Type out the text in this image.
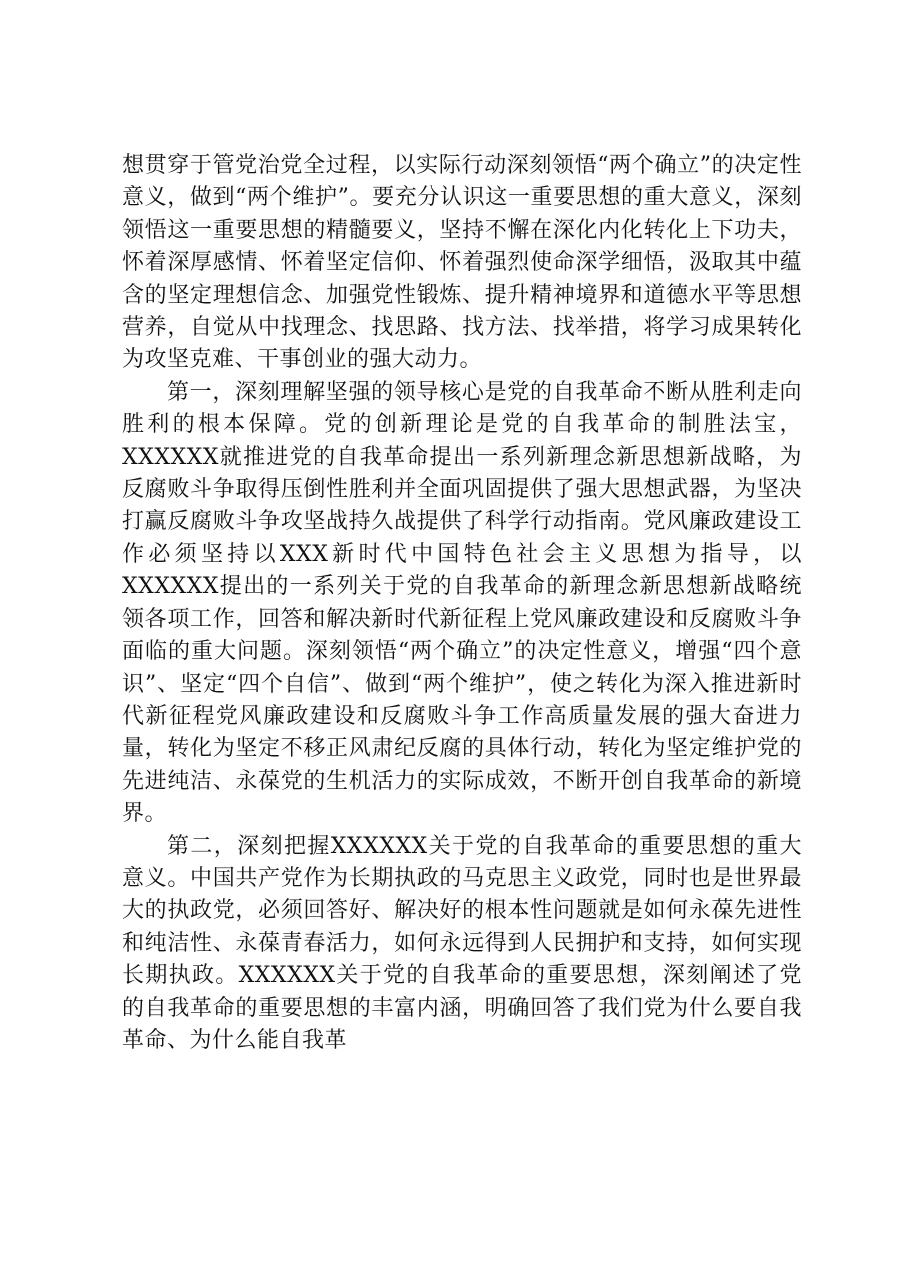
想贯穿于管党治党全过程，以实际行动深刻领悟“两个确立”的决定性意义，做到“两个维护”。要充分认识这一重要思想的重大意义，深刻领悟这一重要思想的精髓要义，坚持不懈在深化内化转化上下功夫，怀着深厚感情、怀着坚定信仰、怀着强烈使命深学细悟，汲取其中蕴含的坚定理想信念、加强党性锻炼、提升精神境界和道德水平等思想营养，自觉从中找理念、找思路、找方法、找举措，将学习成果转化为攻坚克难、干事创业的强大动力。

第一，深刻理解坚强的领导核心是党的自我革命不断从胜利走向胜利的根本保障。党的创新理论是党的自我革命的制胜法宝，XXXXXX就推进党的自我革命提出一系列新理念新思想新战略，为反腐败斗争取得压倒性胜利并全面巩固提供了强大思想武器，为坚决打赢反腐败斗争攻坚战持久战提供了科学行动指南。党风廉政建设工作必须坚持以XXX新时代中国特色社会主义思想为指导，以XXXXXX提出的一系列关于党的自我革命的新理念新思想新战略统领各项工作，回答和解决新时代新征程上党风廉政建设和反腐败斗争面临的重大问题。深刻领悟“两个确立”的决定性意义，增强“四个意识”、坚定“四个自信”、做到“两个维护”，使之转化为深入推进新时代新征程党风廉政建设和反腐败斗争工作高质量发展的强大奋进力量，转化为坚定不移正风肃纪反腐的具体行动，转化为坚定维护党的先进纯洁、永葆党的生机活力的实际成效，不断开创自我革命的新境界。

第二，深刻把握XXXXXX关于党的自我革命的重要思想的重大意义。中国共产党作为长期执政的马克思主义政党，同时也是世界最大的执政党，必须回答好、解决好的根本性问题就是如何永葆先进性和纯洁性、永葆青春活力，如何永远得到人民拥护和支持，如何实现长期执政。XXXXXX关于党的自我革命的重要思想，深刻阐述了党的自我革命的重要思想的丰富内涵，明确回答了我们党为什么要自我革命、为什么能自我革
